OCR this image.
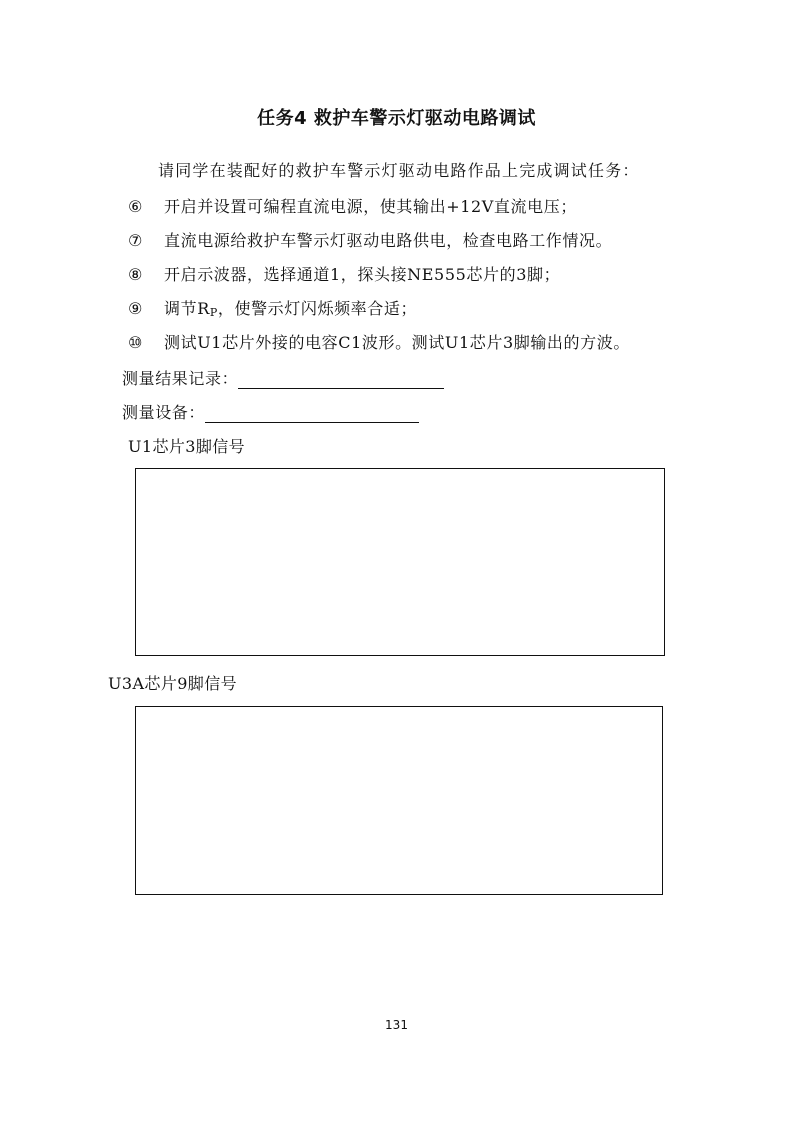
任务4 救护车警示灯驱动电路调试
请同学在装配好的救护车警示灯驱动电路作品上完成调试任务：
⑥ 开启并设置可编程直流电源，使其输出+12V直流电压；
⑦ 直流电源给救护车警示灯驱动电路供电，检查电路工作情况。
⑧ 开启示波器，选择通道1，探头接NE555芯片的3脚；
⑨ 调节RP，使警示灯闪烁频率合适；
⑩ 测试U1芯片外接的电容C1波形。测试U1芯片3脚输出的方波。
测量结果记录：
测量设备：
U1芯片3脚信号
U3A芯片9脚信号
131
